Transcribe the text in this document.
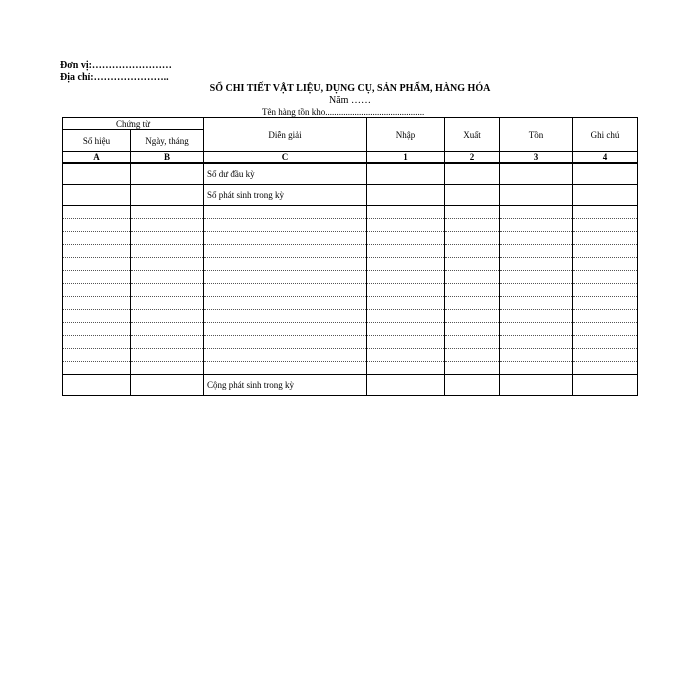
Đơn vị:……………………
Địa chỉ:…………………..
SỔ CHI TIẾT VẬT LIỆU, DỤNG CỤ, SẢN PHẨM, HÀNG HÓA
Năm ……
Tên hàng tồn kho............................................
Chứng từ		Diễn giải	Nhập	Xuất	Tồn	Ghi chú
Số hiệu	Ngày, tháng					
A	B	C	1	2	3	4
		Số dư đầu kỳ				
		Số phát sinh trong kỳ				

		Cộng phát sinh trong kỳ				
